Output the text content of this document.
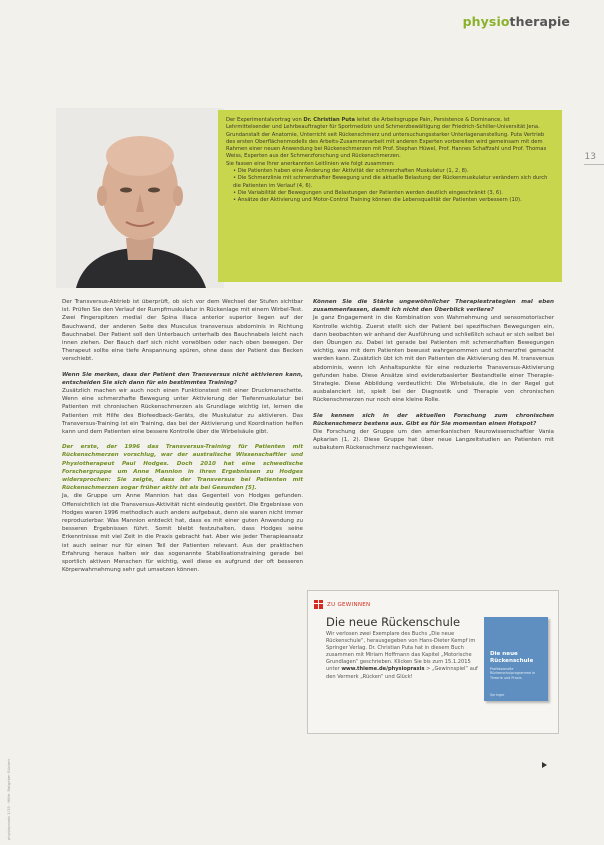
physiotherapie
13

Der Experimentalvortrag von Dr. Christian Puta leitet die Arbeitsgruppe Pain, Persistence & Dominance, ist Lehrmittelsender und Lehrbeauftragter für Sportmedizin und Schmerzbewältigung der Friedrich-Schiller-Universität Jena. Grundanstalt der Anatomie, Unterricht seit Rückenschmerz und untersuchungsstarker Unterlagenanstellung. Puta Vertrieb des ersten Oberflächenmodells des Arbeits-Zusammenarbeit mit anderen Experten vorbereiten wird gemeinsam mit dem Rahmen einer neuen Anwendung bei Rückenschmerzen mit Prof. Stephan Hüwel, Prof. Hannes Schaffzahl und Prof. Thomas Weiss, Experten aus der Schmerzforschung und Rückenschmerzen.

Sie fassen eine Ihrer anerkannten Leitlinien wie folgt zusammen:

• Die Patienten haben eine Änderung der Aktivität der schmerzhaften Muskulatur (1, 2, 8).
• Die Schmerzlinie mit schmerzhafter Bewegung und die aktuelle Belastung der Rückenmuskulatur verändern sich durch die Patienten im Verlauf (4, 6).
• Die Variabilität der Bewegungen und Belastungen der Patienten werden deutlich eingeschränkt (3, 6).
• Ansätze der Aktivierung und Motor-Control Training können die Lebensqualität der Patienten verbessern (10).

Der Transversus-Abtrieb ist überprüft, ob sich vor dem Wechsel der Stufen sichtbar ist. Prüfen Sie den Verlauf der Rumpfmuskulatur in Rückenlage mit einem Wirbel-Test. Zwei Fingerspitzen medial der Spina iliaca anterior superior liegen auf der Bauchwand, der anderen Seite des Musculus transversus abdominis in Richtung Bauchnabel. Der Patient soll den Unterbauch unterhalb des Bauchnabels leicht nach innen ziehen. Der Bauch darf sich nicht vorwölben oder nach oben bewegen. Der Therapeut sollte eine tiefe Anspannung spüren, ohne dass der Patient das Becken verschiebt.

Wenn Sie merken, dass der Patient den Transversus nicht aktivieren kann, entscheiden Sie sich dann für ein bestimmtes Training?
Zusätzlich machen wir auch noch einen Funktionstest mit einer Druckmanschette. Wenn eine schmerzhafte Bewegung unter Aktivierung der Tiefenmuskulatur bei Patienten mit chronischen Rückenschmerzen als Grundlage wichtig ist, lernen die Patienten mit Hilfe des Biofeedback-Geräts, die Muskulatur zu aktivieren. Das Transversus-Training ist ein Training, das bei der Aktivierung und Koordination helfen kann und dem Patienten eine bessere Kontrolle über die Wirbelsäule gibt.

Der erste, der 1996 das Transversus-Training für Patienten mit Rückenschmerzen vorschlug, war der australische Wissenschaftler und Physiotherapeut Paul Hodges. Doch 2010 hat eine schwedische Forschergruppe um Anne Mannion in ihren Ergebnissen zu Hodges widersprochen: Sie zeigte, dass der Transversus bei Patienten mit Rückenschmerzen sogar früher aktiv ist als bei Gesunden [5].
Ja, die Gruppe um Anne Mannion hat das Gegenteil von Hodges gefunden. Offensichtlich ist die Transversus-Aktivität nicht eindeutig gestört. Die Ergebnisse von Hodges waren 1996 methodisch auch anders aufgebaut, denn sie waren nicht immer reproduzierbar. Was Mannion entdeckt hat, dass es mit einer guten Anwendung zu besseren Ergebnissen führt. Somit bleibt festzuhalten, dass Hodges seine Erkenntnisse mit viel Zeit in die Praxis gebracht hat. Aber wie jeder Therapieansatz ist auch seiner nur für einen Teil der Patienten relevant. Aus der praktischen Erfahrung heraus halten wir das sogenannte Stabilisationstraining gerade bei sportlich aktiven Menschen für wichtig, weil diese es aufgrund der oft besseren Körperwahrnehmung sehr gut umsetzen können.

Können Sie die Stärke ungewöhnlicher Therapiestrategien mal eben zusammenfassen, damit ich nicht den Überblick verliere?
Je ganz Engagement in die Kombination von Wahrnehmung und sensomotorischer Kontrolle wichtig. Zuerst stellt sich der Patient bei spezifischen Bewegungen ein, dann beobachten wir anhand der Ausführung und schließlich schaut er sich selbst bei den Übungen zu. Dabei ist gerade bei Patienten mit schmerzhaften Bewegungen wichtig, was mit dem Patienten bewusst wahrgenommen und schmerzfrei gemacht werden kann. Zusätzlich übt ich mit den Patienten die Aktivierung des M. transversus abdominis, wenn ich Anhaltspunkte für eine reduzierte Transversus-Aktivierung gefunden habe. Diese Ansätze sind evidenzbasierter Bestandteile einer Therapie-Strategie. Diese Abbildung verdeutlicht: Die Wirbelsäule, die in der Regel gut ausbalanciert ist, spielt bei der Diagnostik und Therapie von chronischen Rückenschmerzen nur noch eine kleine Rolle.

Sie kennen sich in der aktuellen Forschung zum chronischen Rückenschmerz bestens aus. Gibt es für Sie momentan einen Hotspot?
Die Forschung der Gruppe um den amerikanischen Neurowissenschaftler Vania Apkarian (1, 2). Diese Gruppe hat über neue Langzeitstudien an Patienten mit subakutem Rückenschmerz nachgewiesen.

ZU GEWINNEN
Die neue Rückenschule
Wir verlosen zwei Exemplare des Buchs „Die neue Rückenschule“, herausgegeben von Hans-Dieter Kempf im Springer Verlag. Dr. Christian Puta hat in diesem Buch zusammen mit Miriam Hoffmann das Kapitel „Motorische Grundlagen“ geschrieben. Klicken Sie bis zum 15.1.2015 unter www.thieme.de/physiopraxis > „Gewinnspiel“ auf den Vermerk „Rücken“ und Glück!
Die neue Rückenschule
Professionelle Rückenschulprogramme in Theorie und Praxis
Springer
physiopraxis 1/15 · Hilfe: Ratgeber Rücken
